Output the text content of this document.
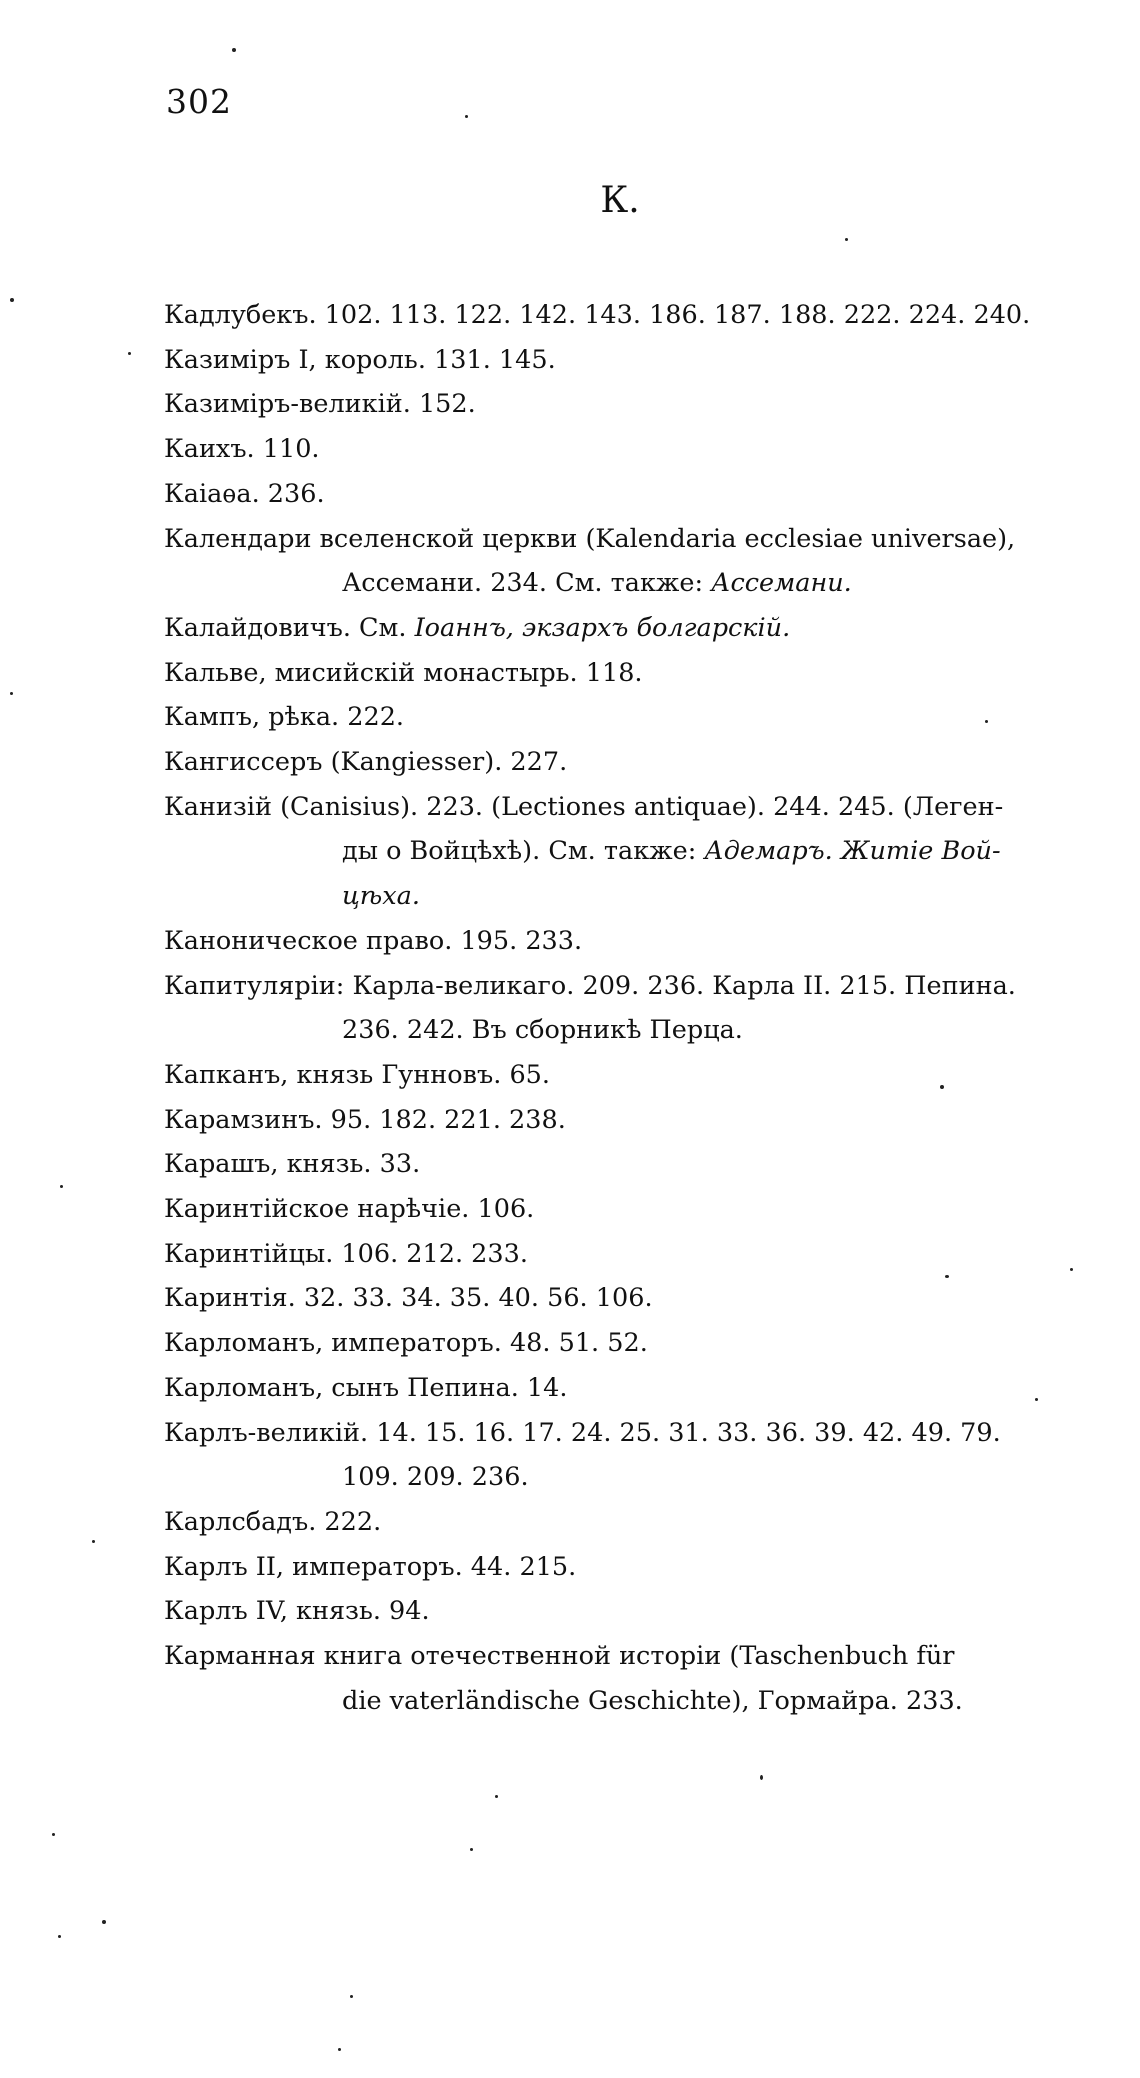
302
К.
Кадлубекъ. 102. 113. 122. 142. 143. 186. 187. 188. 222. 224. 240.
Казиміръ I, король. 131. 145.
Казиміръ-великій. 152.
Каихъ. 110.
Каіаѳа. 236.
Календари вселенской церкви (Kalendaria ecclesiae universae),
Ассемани. 234. См. также: Ассемани.
Калайдовичъ. См. Іоаннъ, экзархъ болгарскій.
Кальве, мисийскій монастырь. 118.
Кампъ, рѣка. 222.
Кангиссеръ (Kangiesser). 227.
Канизій (Canisius). 223. (Lectiones antiquae). 244. 245. (Леген-
ды о Войцѣхѣ). См. также: Адемаръ. Житіе Вой-
цѣха.
Каноническое право. 195. 233.
Капитуляріи: Карла-великаго. 209. 236. Карла II. 215. Пепина.
236. 242. Въ сборникѣ Перца.
Капканъ, князь Гунновъ. 65.
Карамзинъ. 95. 182. 221. 238.
Карашъ, князь. 33.
Каринтійское нарѣчіе. 106.
Каринтійцы. 106. 212. 233.
Каринтія. 32. 33. 34. 35. 40. 56. 106.
Карломанъ, императоръ. 48. 51. 52.
Карломанъ, сынъ Пепина. 14.
Карлъ-великій. 14. 15. 16. 17. 24. 25. 31. 33. 36. 39. 42. 49. 79.
109. 209. 236.
Карлсбадъ. 222.
Карлъ II, императоръ. 44. 215.
Карлъ IV, князь. 94.
Карманная книга отечественной исторіи (Taschenbuch für
die vaterländische Geschichte), Гормайра. 233.
